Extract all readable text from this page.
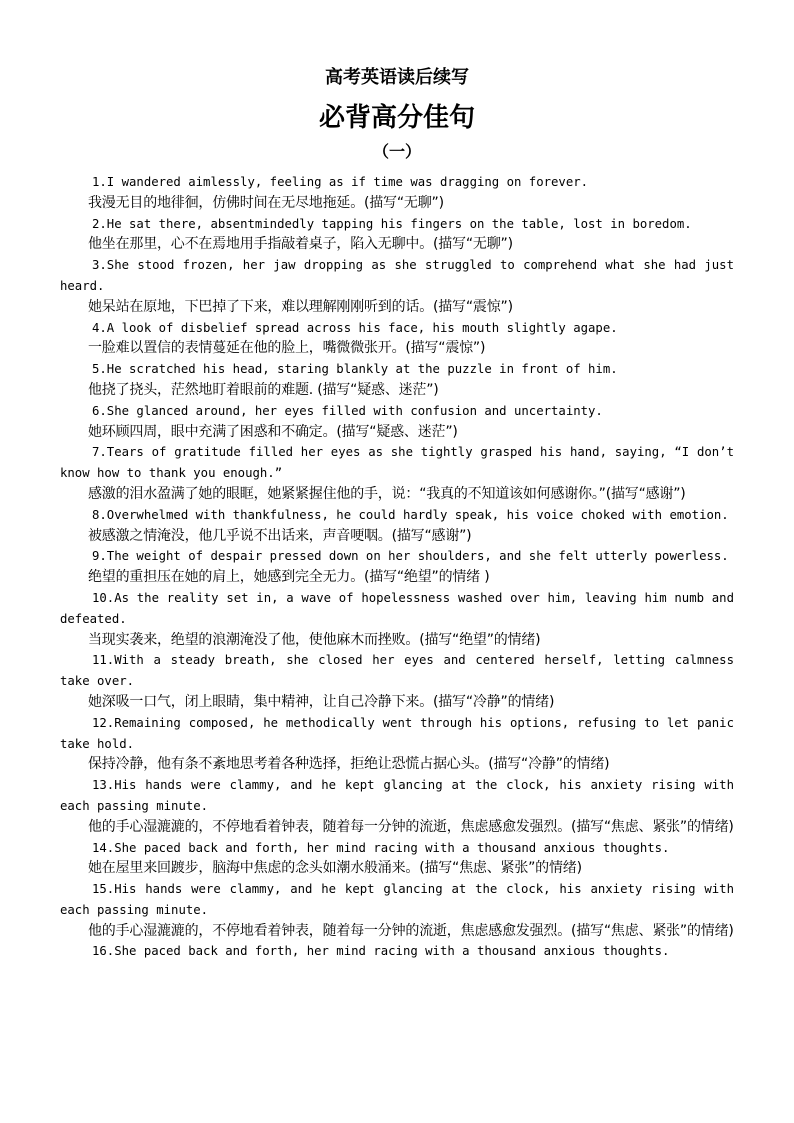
高考英语读后续写
必背高分佳句
（一）

1.I wandered aimlessly, feeling as if time was dragging on forever.

我漫无目的地徘徊，仿佛时间在无尽地拖延。(描写“无聊”)

2.He sat there, absentmindedly tapping his fingers on the table, lost in boredom.

他坐在那里，心不在焉地用手指敲着桌子，陷入无聊中。(描写“无聊”)

3.She stood frozen, her jaw dropping as she struggled to comprehend what she had just heard.

她呆站在原地，下巴掉了下来，难以理解刚刚听到的话。(描写“震惊”)

4.A look of disbelief spread across his face, his mouth slightly agape.

一脸难以置信的表情蔓延在他的脸上，嘴微微张开。(描写“震惊”)

5.He scratched his head, staring blankly at the puzzle in front of him.

他挠了挠头，茫然地盯着眼前的难题. (描写“疑惑、迷茫”)

6.She glanced around, her eyes filled with confusion and uncertainty.

她环顾四周，眼中充满了困惑和不确定。(描写“疑惑、迷茫”)

7.Tears of gratitude filled her eyes as she tightly grasped his hand, saying, “I don’t know how to thank you enough.”

感激的泪水盈满了她的眼眶，她紧紧握住他的手，说：“我真的不知道该如何感谢你。”(描写“感谢”)

8.Overwhelmed with thankfulness, he could hardly speak, his voice choked with emotion.

被感激之情淹没，他几乎说不出话来，声音哽咽。(描写“感谢”)

9.The weight of despair pressed down on her shoulders, and she felt utterly powerless.

绝望的重担压在她的肩上，她感到完全无力。(描写“绝望”的情绪 )

10.As the reality set in, a wave of hopelessness washed over him, leaving him numb and defeated.

当现实袭来，绝望的浪潮淹没了他，使他麻木而挫败。(描写“绝望”的情绪)

11.With a steady breath, she closed her eyes and centered herself, letting calmness take over.

她深吸一口气，闭上眼睛，集中精神，让自己冷静下来。(描写“冷静”的情绪)

12.Remaining composed, he methodically went through his options, refusing to let panic take hold.

保持冷静，他有条不紊地思考着各种选择，拒绝让恐慌占据心头。(描写“冷静”的情绪)

13.His hands were clammy, and he kept glancing at the clock, his anxiety rising with each passing minute.

他的手心湿漉漉的，不停地看着钟表，随着每一分钟的流逝，焦虑感愈发强烈。(描写“焦虑、紧张”的情绪)

14.She paced back and forth, her mind racing with a thousand anxious thoughts.

她在屋里来回踱步，脑海中焦虑的念头如潮水般涌来。(描写“焦虑、紧张”的情绪)

15.His hands were clammy, and he kept glancing at the clock, his anxiety rising with each passing minute.

他的手心湿漉漉的，不停地看着钟表，随着每一分钟的流逝，焦虑感愈发强烈。(描写“焦虑、紧张”的情绪)

16.She paced back and forth, her mind racing with a thousand anxious thoughts.
